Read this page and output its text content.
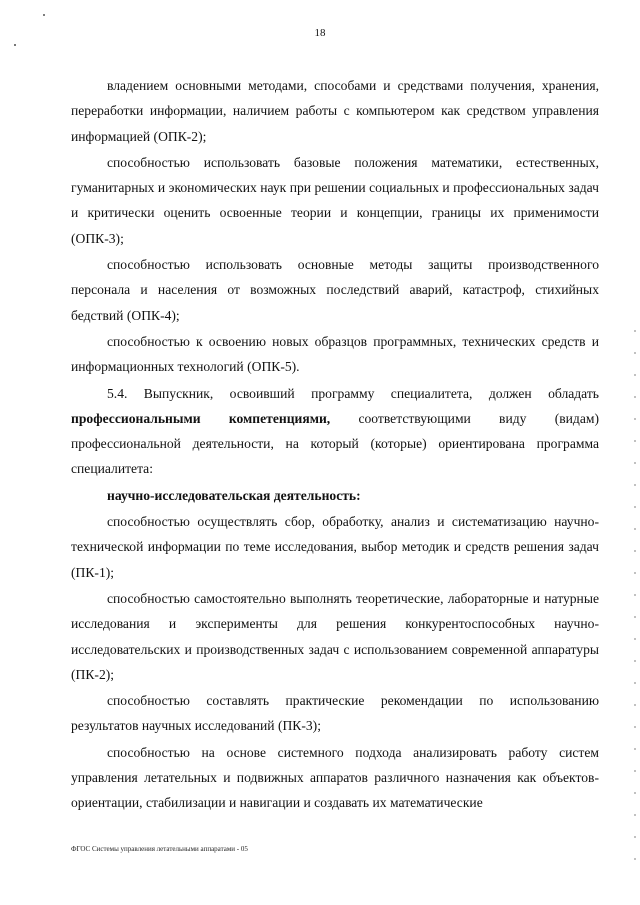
18

владением основными методами, способами и средствами получения, хранения, переработки информации, наличием работы с компьютером как средством управления информацией (ОПК-2);

способностью использовать базовые положения математики, естественных, гуманитарных и экономических наук при решении социальных и профессиональных задач и критически оценить освоенные теории и концепции, границы их применимости (ОПК-3);

способностью использовать основные методы защиты производственного персонала и населения от возможных последствий аварий, катастроф, стихийных бедствий (ОПК-4);

способностью к освоению новых образцов программных, технических средств и информационных технологий (ОПК-5).

5.4. Выпускник, освоивший программу специалитета, должен обладать профессиональными компетенциями, соответствующими виду (видам) профессиональной деятельности, на который (которые) ориентирована программа специалитета:

научно-исследовательская деятельность:

способностью осуществлять сбор, обработку, анализ и систематизацию научно-технической информации по теме исследования, выбор методик и средств решения задач (ПК-1);

способностью самостоятельно выполнять теоретические, лабораторные и натурные исследования и эксперименты для решения конкурентоспособных научно-исследовательских и производственных задач с использованием современной аппаратуры (ПК-2);

способностью составлять практические рекомендации по использованию результатов научных исследований (ПК-3);

способностью на основе системного подхода анализировать работу систем управления летательных и подвижных аппаратов различного назначения как объектов- ориентации, стабилизации и навигации и создавать их математические

ФГОС Системы управления летательными аппаратами - 05
